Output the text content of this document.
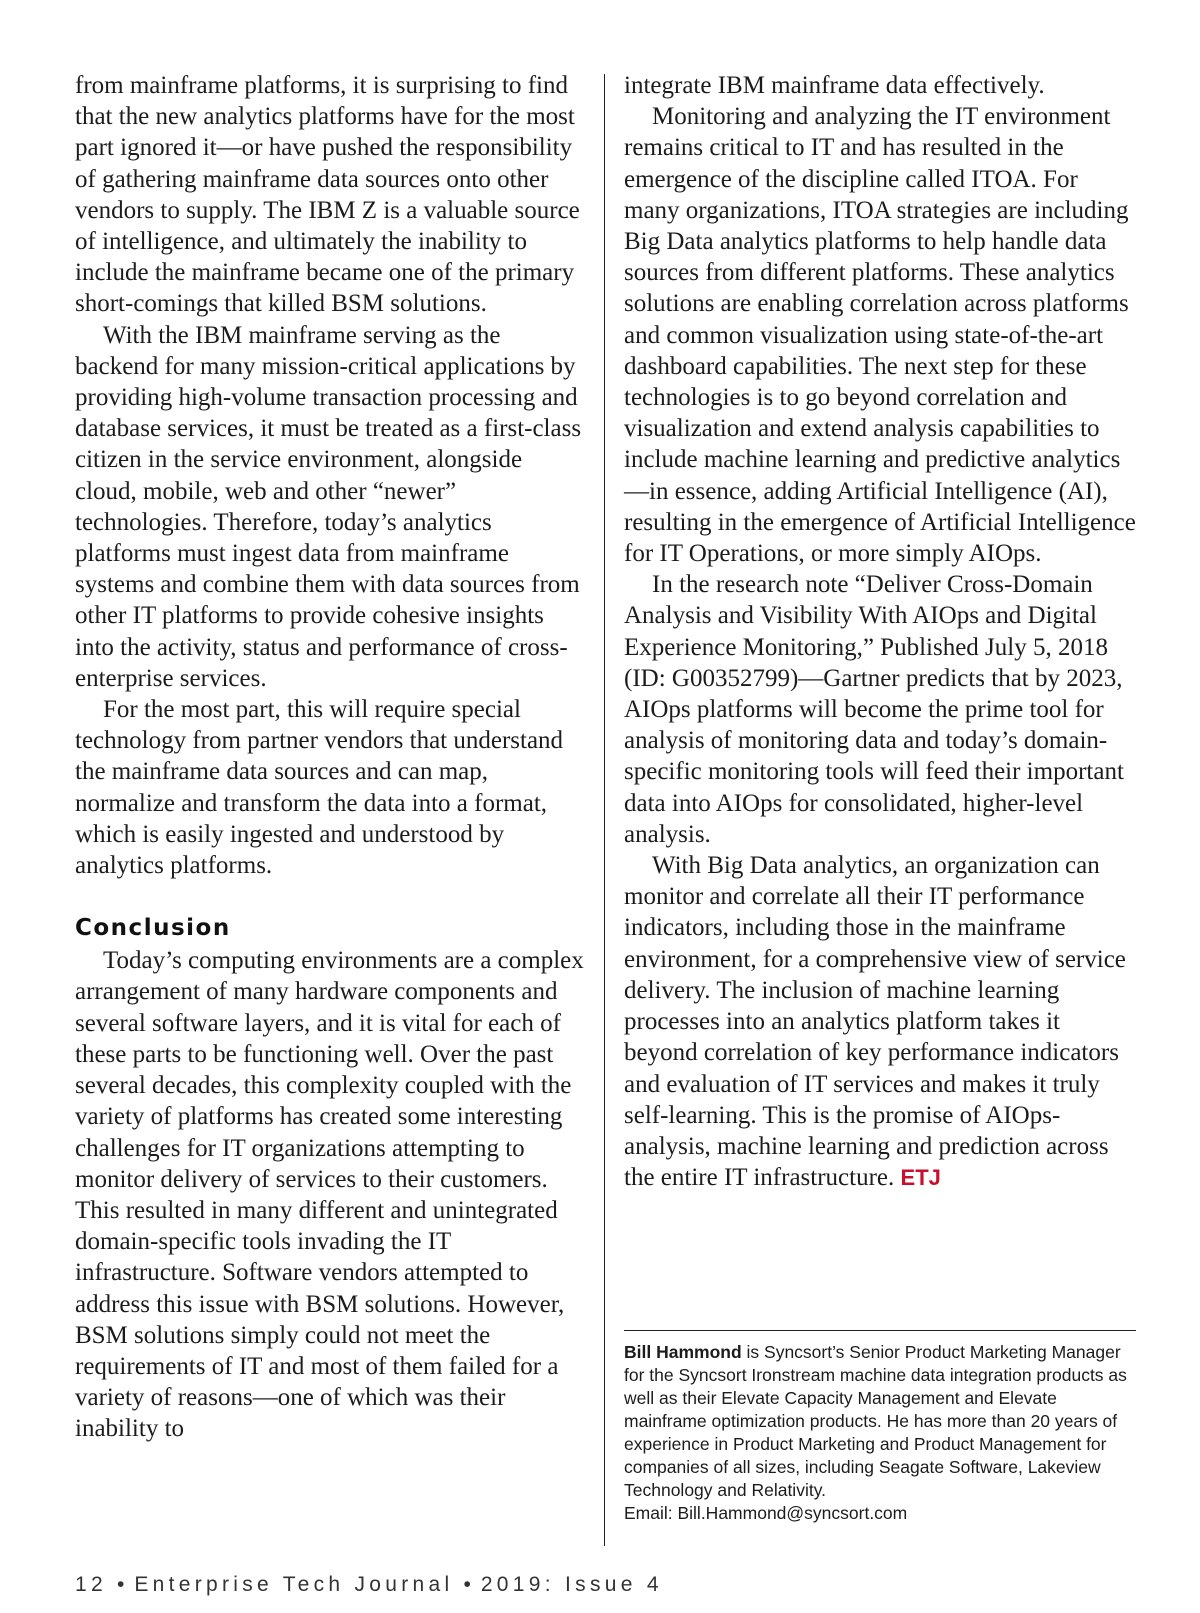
from mainframe platforms, it is surprising to find that the new analytics platforms have for the most part ignored it—or have pushed the responsibility of gathering mainframe data sources onto other vendors to supply. The IBM Z is a valuable source of intelligence, and ultimately the inability to include the mainframe became one of the primary short-comings that killed BSM solutions.

With the IBM mainframe serving as the backend for many mission-critical applications by providing high-volume transaction processing and database services, it must be treated as a first-class citizen in the service environment, alongside cloud, mobile, web and other “newer” technologies. Therefore, today’s analytics platforms must ingest data from mainframe systems and combine them with data sources from other IT platforms to provide cohesive insights into the activity, status and performance of cross-enterprise services.

For the most part, this will require special technology from partner vendors that understand the mainframe data sources and can map, normalize and transform the data into a format, which is easily ingested and understood by analytics platforms.

Conclusion

Today’s computing environments are a complex arrangement of many hardware components and several software layers, and it is vital for each of these parts to be functioning well. Over the past several decades, this complexity coupled with the variety of platforms has created some interesting challenges for IT organizations attempting to monitor delivery of services to their customers. This resulted in many different and unintegrated domain-specific tools invading the IT infrastructure. Software vendors attempted to address this issue with BSM solutions. However, BSM solutions simply could not meet the requirements of IT and most of them failed for a variety of reasons—one of which was their inability to

integrate IBM mainframe data effectively.

Monitoring and analyzing the IT environment remains critical to IT and has resulted in the emergence of the discipline called ITOA. For many organizations, ITOA strategies are including Big Data analytics platforms to help handle data sources from different platforms. These analytics solutions are enabling correlation across platforms and common visualization using state-of-the-art dashboard capabilities. The next step for these technologies is to go beyond correlation and visualization and extend analysis capabilities to include machine learning and predictive analytics—in essence, adding Artificial Intelligence (AI), resulting in the emergence of Artificial Intelligence for IT Operations, or more simply AIOps.

In the research note “Deliver Cross-Domain Analysis and Visibility With AIOps and Digital Experience Monitoring,” Published July 5, 2018 (ID: G00352799)—Gartner predicts that by 2023, AIOps platforms will become the prime tool for analysis of monitoring data and today’s domain-specific monitoring tools will feed their important data into AIOps for consolidated, higher-level analysis.

With Big Data analytics, an organization can monitor and correlate all their IT performance indicators, including those in the mainframe environment, for a comprehensive view of service delivery. The inclusion of machine learning processes into an analytics platform takes it beyond correlation of key performance indicators and evaluation of IT services and makes it truly self-learning. This is the promise of AIOps-analysis, machine learning and prediction across the entire IT infrastructure. ETJ

Bill Hammond is Syncsort’s Senior Product Marketing Manager for the Syncsort Ironstream machine data integration products as well as their Elevate Capacity Management and Elevate mainframe optimization products. He has more than 20 years of experience in Product Marketing and Product Management for companies of all sizes, including Seagate Software, Lakeview Technology and Relativity.

Email: Bill.Hammond@syncsort.com

12 • Enterprise Tech Journal • 2019: Issue 4
